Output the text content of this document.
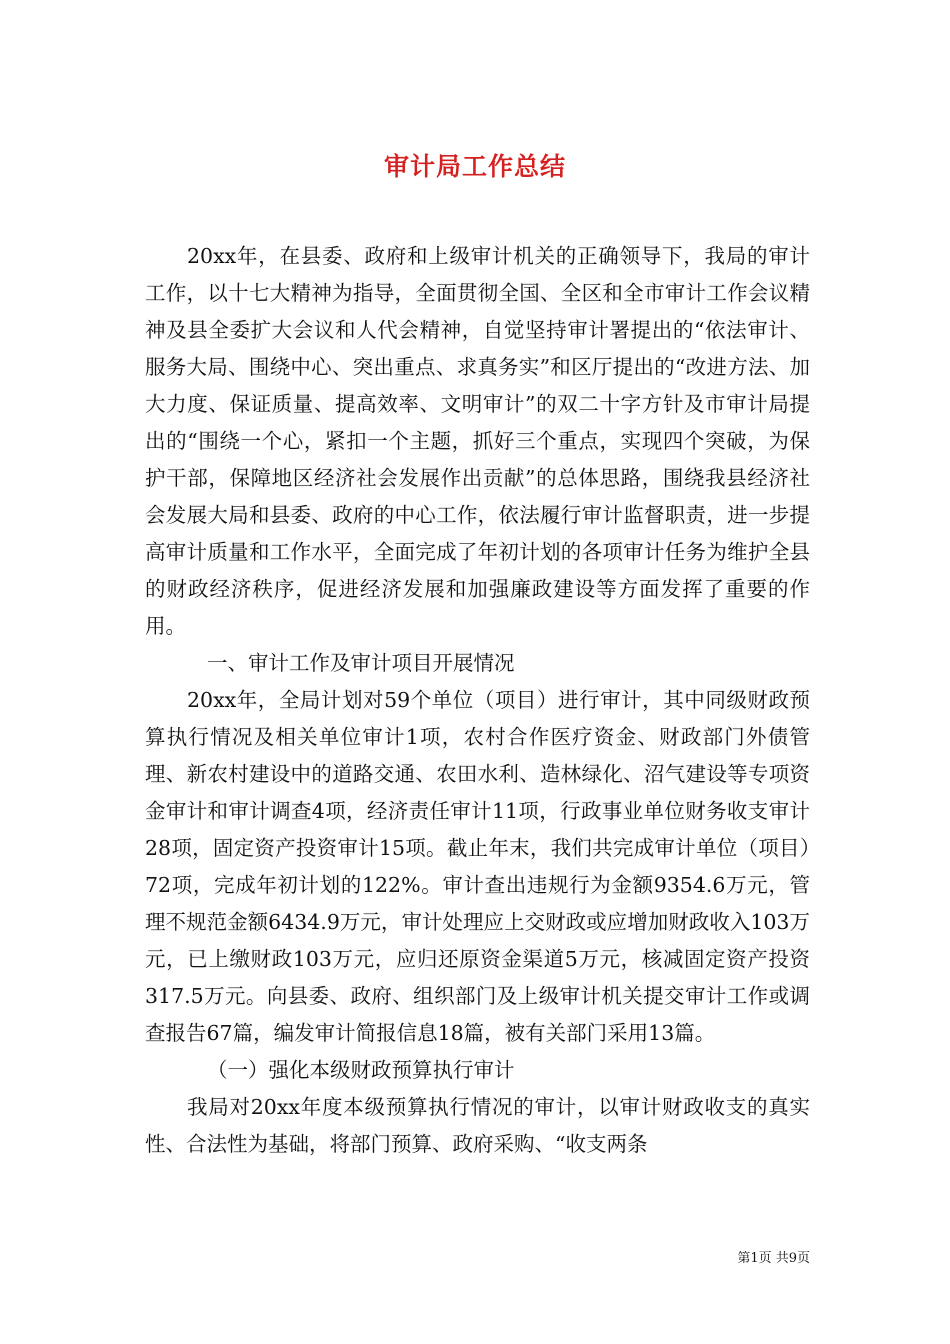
审计局工作总结

20xx年，在县委、政府和上级审计机关的正确领导下，我局的审计工作，以十七大精神为指导，全面贯彻全国、全区和全市审计工作会议精神及县全委扩大会议和人代会精神，自觉坚持审计署提出的“依法审计、服务大局、围绕中心、突出重点、求真务实”和区厅提出的“改进方法、加大力度、保证质量、提高效率、文明审计”的双二十字方针及市审计局提出的“围绕一个心，紧扣一个主题，抓好三个重点，实现四个突破，为保护干部，保障地区经济社会发展作出贡献”的总体思路，围绕我县经济社会发展大局和县委、政府的中心工作，依法履行审计监督职责，进一步提高审计质量和工作水平，全面完成了年初计划的各项审计任务为维护全县的财政经济秩序，促进经济发展和加强廉政建设等方面发挥了重要的作用。

一、审计工作及审计项目开展情况

20xx年，全局计划对59个单位（项目）进行审计，其中同级财政预算执行情况及相关单位审计1项，农村合作医疗资金、财政部门外债管理、新农村建设中的道路交通、农田水利、造林绿化、沼气建设等专项资金审计和审计调查4项，经济责任审计11项，行政事业单位财务收支审计28项，固定资产投资审计15项。截止年末，我们共完成审计单位（项目）72项，完成年初计划的122%。审计查出违规行为金额9354.6万元，管理不规范金额6434.9万元，审计处理应上交财政或应增加财政收入103万元，已上缴财政103万元，应归还原资金渠道5万元，核减固定资产投资317.5万元。向县委、政府、组织部门及上级审计机关提交审计工作或调查报告67篇，编发审计简报信息18篇，被有关部门采用13篇。

（一）强化本级财政预算执行审计

我局对20xx年度本级预算执行情况的审计，以审计财政收支的真实性、合法性为基础，将部门预算、政府采购、“收支两条

第1页 共9页
